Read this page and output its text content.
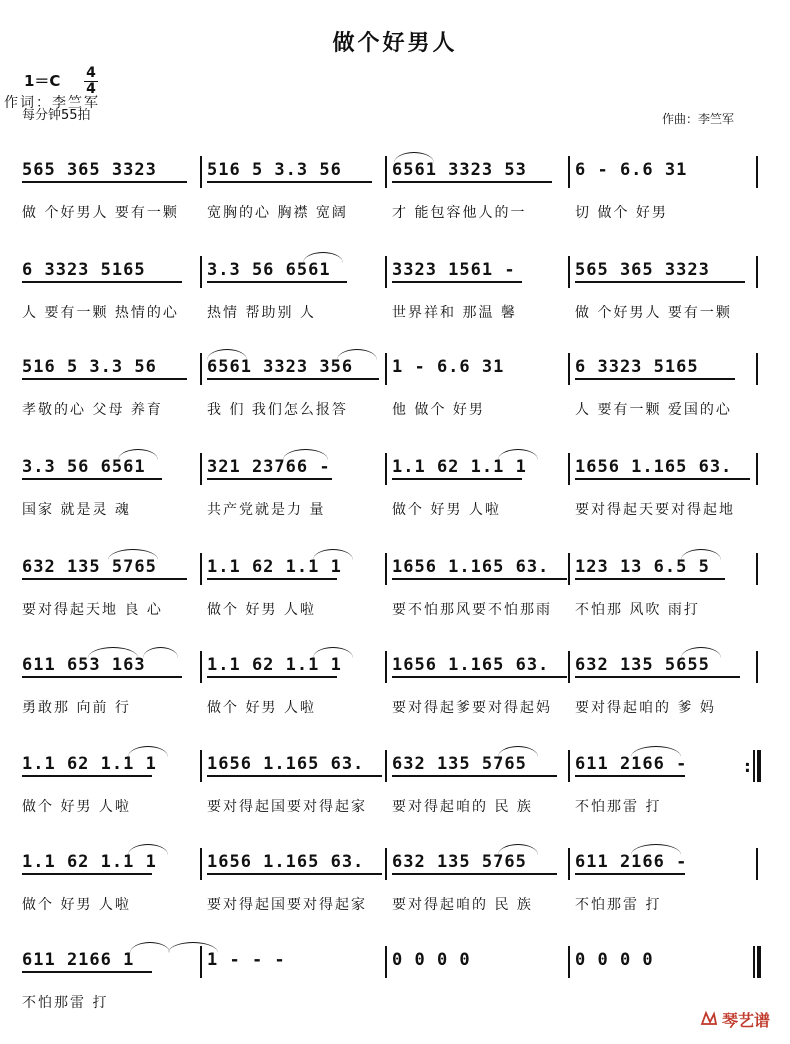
做个好男人
1＝C 4
4
每分钟55拍
作词：李竺军
作曲：李竺军
565 365 3323
做 个好男人 要有一颗
516 5 3.3 56
宽胸的心 胸襟 宽阔
6561 3323 53
才 能包容他人的一
6 - 6.6 31
切 做个 好男
6 3323 5165
人 要有一颗 热情的心
3.3 56 6561
热情 帮助别 人
3323 1561 -
世界祥和 那温 馨
565 365 3323
做 个好男人 要有一颗
516 5 3.3 56
孝敬的心 父母 养育
6561 3323 356
我 们 我们怎么报答
1 - 6.6 31
他 做个 好男
6 3323 5165
人 要有一颗 爱国的心
3.3 56 6561
国家 就是灵 魂
321 23766 -
共产党就是力 量
1.1 62 1.1 1
做个 好男 人啦
1656 1.165 63.
要对得起天要对得起地
632 135 5765
要对得起天地 良 心
1.1 62 1.1 1
做个 好男 人啦
1656 1.165 63.
要不怕那风要不怕那雨
123 13 6.5 5
不怕那 风吹 雨打
611 653 163
勇敢那 向前 行
1.1 62 1.1 1
做个 好男 人啦
1656 1.165 63.
要对得起爹要对得起妈
632 135 5655
要对得起咱的 爹 妈
1.1 62 1.1 1
做个 好男 人啦
1656 1.165 63.
要对得起国要对得起家
632 135 5765
要对得起咱的 民 族
611 2166 -
不怕那雷 打
:
1.1 62 1.1 1
做个 好男 人啦
1656 1.165 63.
要对得起国要对得起家
632 135 5765
要对得起咱的 民 族
611 2166 -
不怕那雷 打
611 2166 1
不怕那雷 打
1 - - -	0 0 0 0	0 0 0 0
琴艺谱
